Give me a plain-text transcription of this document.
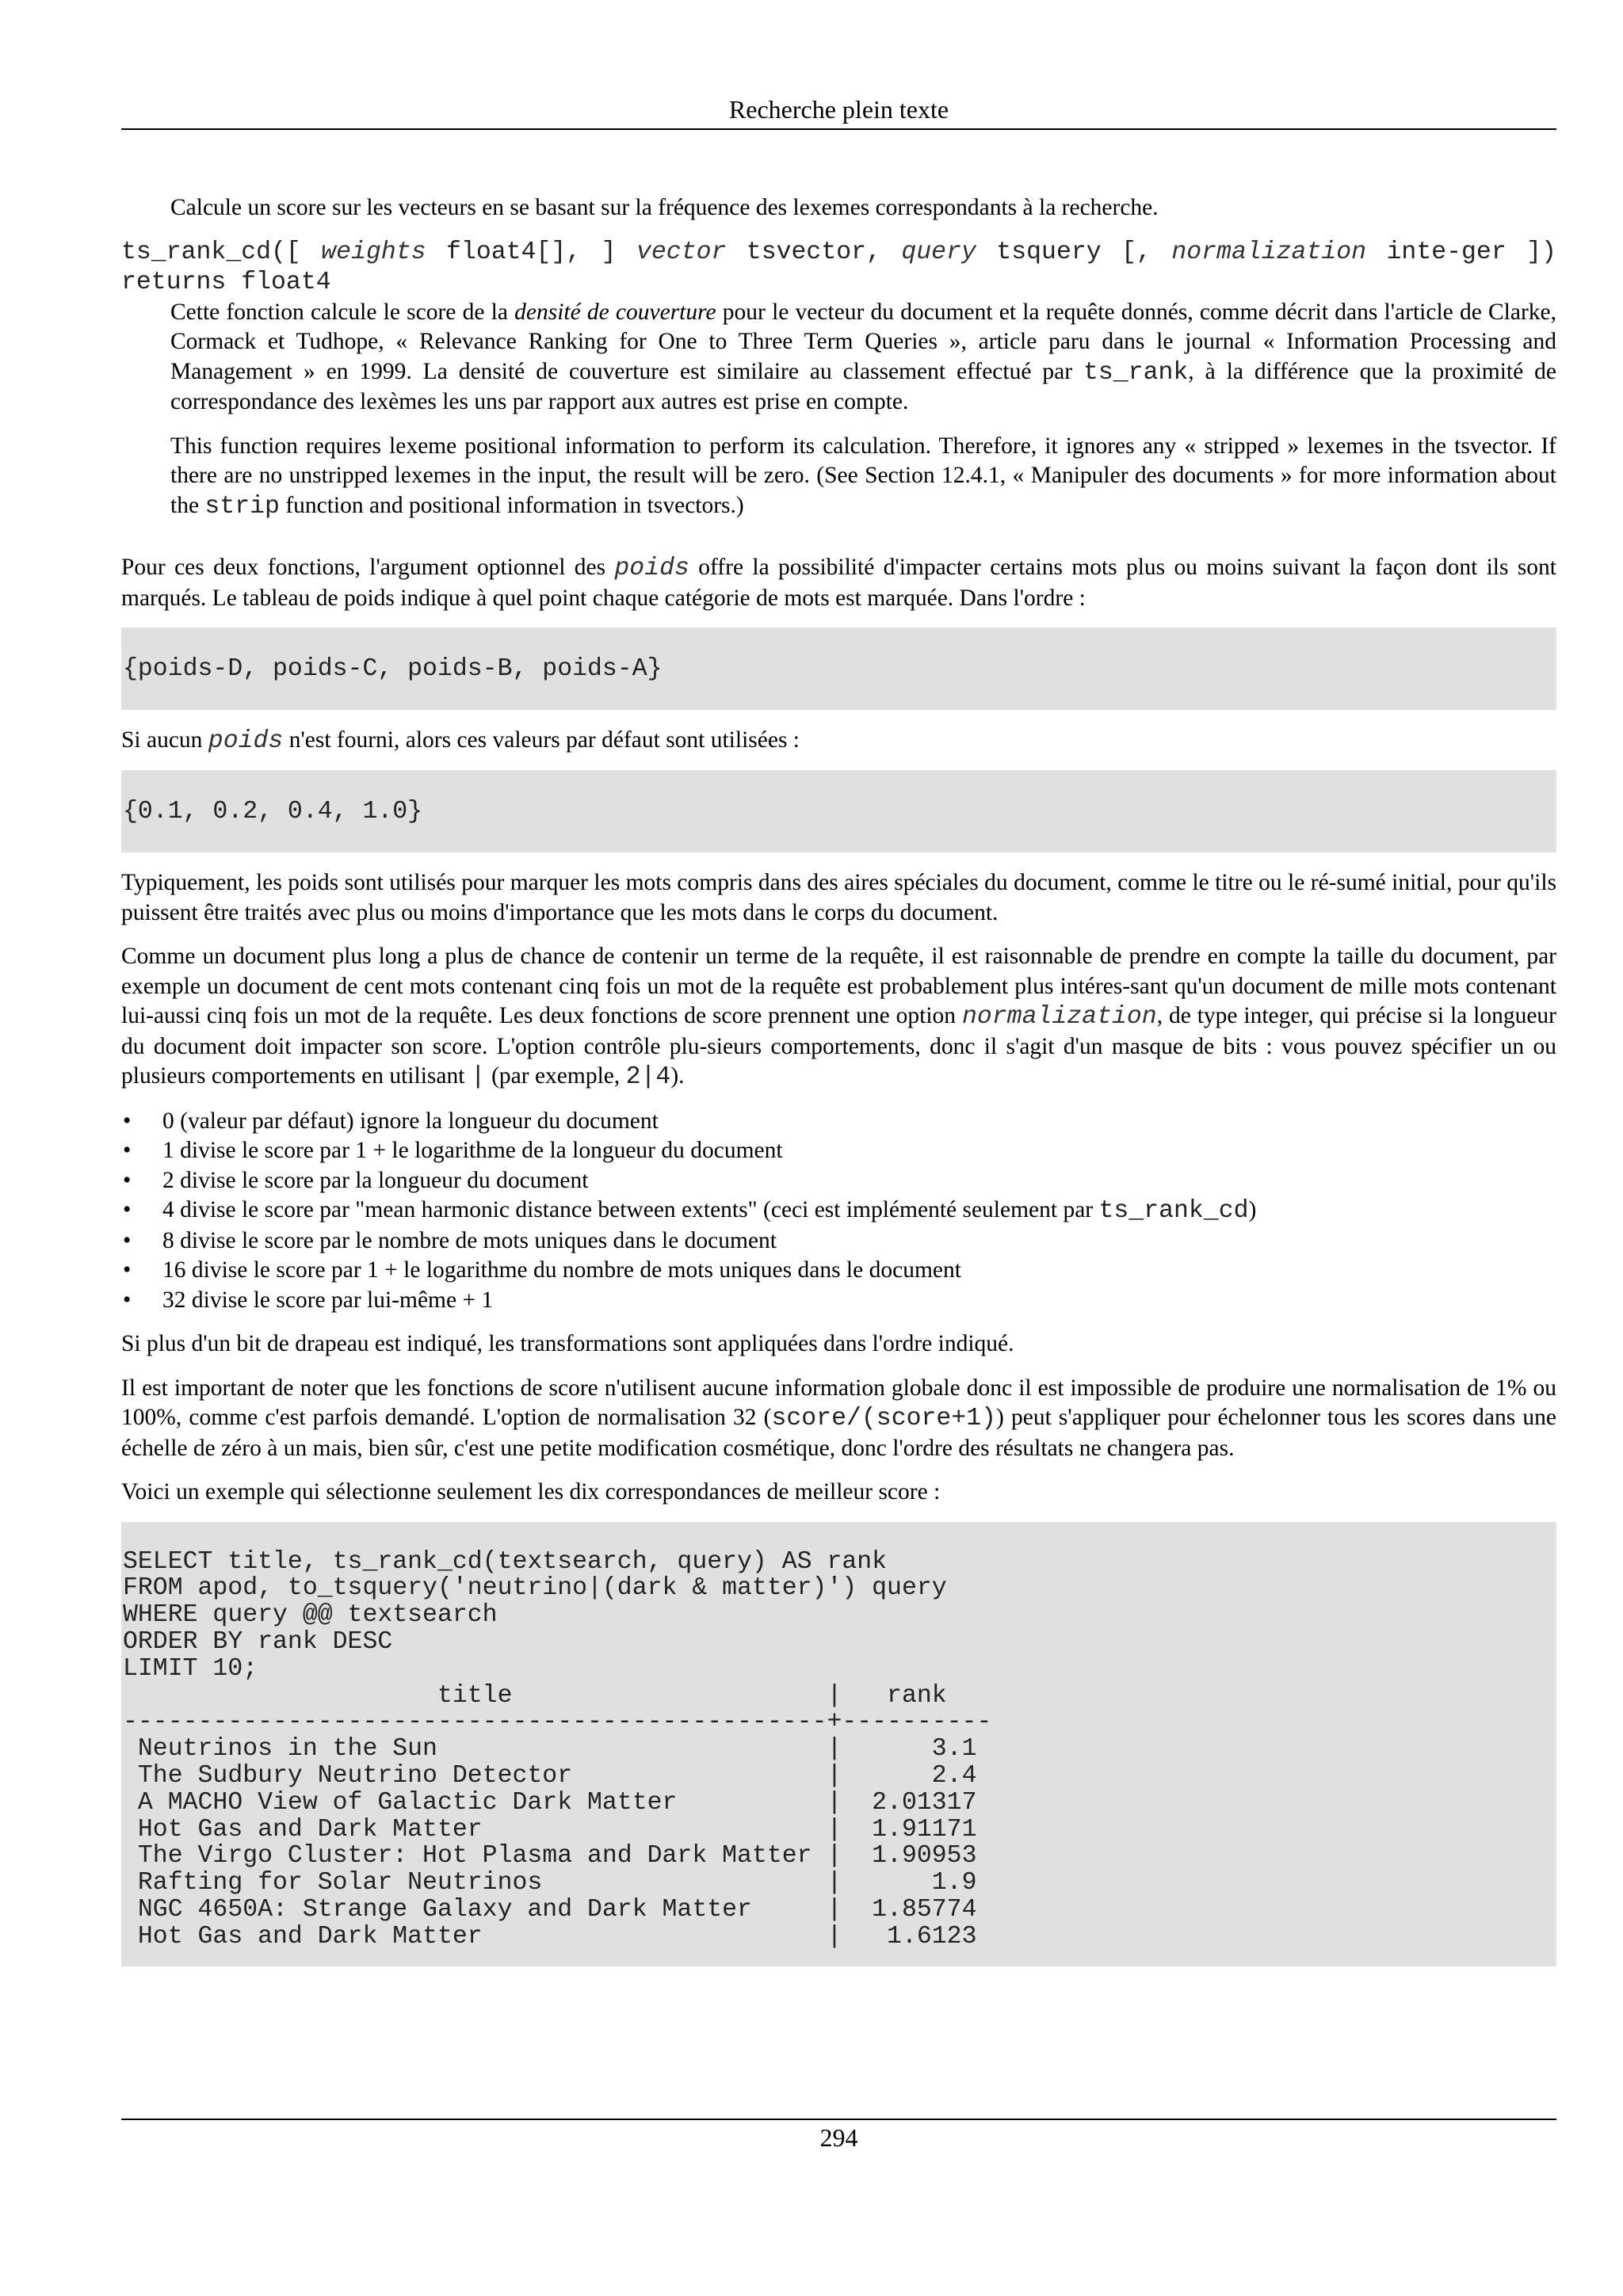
Recherche plein texte

Calcule un score sur les vecteurs en se basant sur la fréquence des lexemes correspondants à la recherche.

ts_rank_cd([ weights float4[], ] vector tsvector, query tsquery [, normalization inte-ger ]) returns float4

Cette fonction calcule le score de la densité de couverture pour le vecteur du document et la requête donnés, comme décrit dans l'article de Clarke, Cormack et Tudhope, « Relevance Ranking for One to Three Term Queries », article paru dans le journal « Information Processing and Management » en 1999. La densité de couverture est similaire au classement effectué par ts_rank, à la différence que la proximité de correspondance des lexèmes les uns par rapport aux autres est prise en compte.

This function requires lexeme positional information to perform its calculation. Therefore, it ignores any « stripped » lexemes in the tsvector. If there are no unstripped lexemes in the input, the result will be zero. (See Section 12.4.1, « Manipuler des documents » for more information about the strip function and positional information in tsvectors.)

Pour ces deux fonctions, l'argument optionnel des poids offre la possibilité d'impacter certains mots plus ou moins suivant la façon dont ils sont marqués. Le tableau de poids indique à quel point chaque catégorie de mots est marquée. Dans l'ordre :

{poids-D, poids-C, poids-B, poids-A}

Si aucun poids n'est fourni, alors ces valeurs par défaut sont utilisées :

{0.1, 0.2, 0.4, 1.0}

Typiquement, les poids sont utilisés pour marquer les mots compris dans des aires spéciales du document, comme le titre ou le ré-sumé initial, pour qu'ils puissent être traités avec plus ou moins d'importance que les mots dans le corps du document.

Comme un document plus long a plus de chance de contenir un terme de la requête, il est raisonnable de prendre en compte la taille du document, par exemple un document de cent mots contenant cinq fois un mot de la requête est probablement plus intéres-sant qu'un document de mille mots contenant lui-aussi cinq fois un mot de la requête. Les deux fonctions de score prennent une option normalization, de type integer, qui précise si la longueur du document doit impacter son score. L'option contrôle plu-sieurs comportements, donc il s'agit d'un masque de bits : vous pouvez spécifier un ou plusieurs comportements en utilisant | (par exemple, 2|4).

• 0 (valeur par défaut) ignore la longueur du document
• 1 divise le score par 1 + le logarithme de la longueur du document
• 2 divise le score par la longueur du document
• 4 divise le score par "mean harmonic distance between extents" (ceci est implémenté seulement par ts_rank_cd)
• 8 divise le score par le nombre de mots uniques dans le document
• 16 divise le score par 1 + le logarithme du nombre de mots uniques dans le document
• 32 divise le score par lui-même + 1

Si plus d'un bit de drapeau est indiqué, les transformations sont appliquées dans l'ordre indiqué.

Il est important de noter que les fonctions de score n'utilisent aucune information globale donc il est impossible de produire une normalisation de 1% ou 100%, comme c'est parfois demandé. L'option de normalisation 32 (score/(score+1)) peut s'appliquer pour échelonner tous les scores dans une échelle de zéro à un mais, bien sûr, c'est une petite modification cosmétique, donc l'ordre des résultats ne changera pas.

Voici un exemple qui sélectionne seulement les dix correspondances de meilleur score :

SELECT title, ts_rank_cd(textsearch, query) AS rank
FROM apod, to_tsquery('neutrino|(dark & matter)') query
WHERE query @@ textsearch
ORDER BY rank DESC
LIMIT 10;
title                     |   rank
-----------------------------------------------+----------
Neutrinos in the Sun                          |      3.1
The Sudbury Neutrino Detector                 |      2.4
A MACHO View of Galactic Dark Matter          |  2.01317
Hot Gas and Dark Matter                       |  1.91171
The Virgo Cluster: Hot Plasma and Dark Matter |  1.90953
Rafting for Solar Neutrinos                   |      1.9
NGC 4650A: Strange Galaxy and Dark Matter     |  1.85774
Hot Gas and Dark Matter                       |   1.6123
294
